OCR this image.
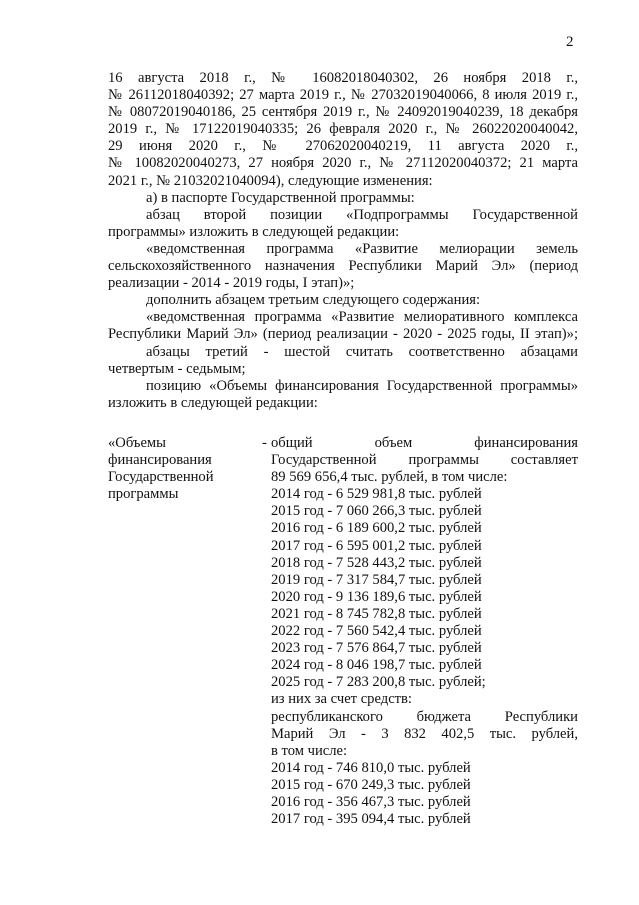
2
16 августа 2018 г., № 16082018040302, 26 ноября 2018 г.,
№ 26112018040392; 27 марта 2019 г., № 27032019040066, 8 июля 2019 г.,
№ 08072019040186, 25 сентября 2019 г., № 24092019040239, 18 декабря
2019 г., № 17122019040335; 26 февраля 2020 г., № 26022020040042,
29 июня 2020 г., № 27062020040219, 11 августа 2020 г.,
№ 10082020040273, 27 ноября 2020 г., № 27112020040372; 21 марта
2021 г., № 21032021040094), следующие изменения:
а) в паспорте Государственной программы:
абзац второй позиции «Подпрограммы Государственной
программы» изложить в следующей редакции:
«ведомственная программа «Развитие мелиорации земель
сельскохозяйственного назначения Республики Марий Эл» (период
реализации - 2014 - 2019 годы, I этап)»;
дополнить абзацем третьим следующего содержания:
«ведомственная программа «Развитие мелиоративного комплекса
Республики Марий Эл» (период реализации - 2020 - 2025 годы, II этап)»;
абзацы третий - шестой считать соответственно абзацами
четвертым - седьмым;
позицию «Объемы финансирования Государственной программы»
изложить в следующей редакции:
«Объемы
финансирования
Государственной
программы
- общий объем финансирования
Государственной программы составляет
89 569 656,4 тыс. рублей, в том числе:
2014 год - 6 529 981,8 тыс. рублей
2015 год - 7 060 266,3 тыс. рублей
2016 год - 6 189 600,2 тыс. рублей
2017 год - 6 595 001,2 тыс. рублей
2018 год - 7 528 443,2 тыс. рублей
2019 год - 7 317 584,7 тыс. рублей
2020 год - 9 136 189,6 тыс. рублей
2021 год - 8 745 782,8 тыс. рублей
2022 год - 7 560 542,4 тыс. рублей
2023 год - 7 576 864,7 тыс. рублей
2024 год - 8 046 198,7 тыс. рублей
2025 год - 7 283 200,8 тыс. рублей;
из них за счет средств:
республиканского бюджета Республики
Марий Эл - 3 832 402,5 тыс. рублей,
в том числе:
2014 год - 746 810,0 тыс. рублей
2015 год - 670 249,3 тыс. рублей
2016 год - 356 467,3 тыс. рублей
2017 год - 395 094,4 тыс. рублей
